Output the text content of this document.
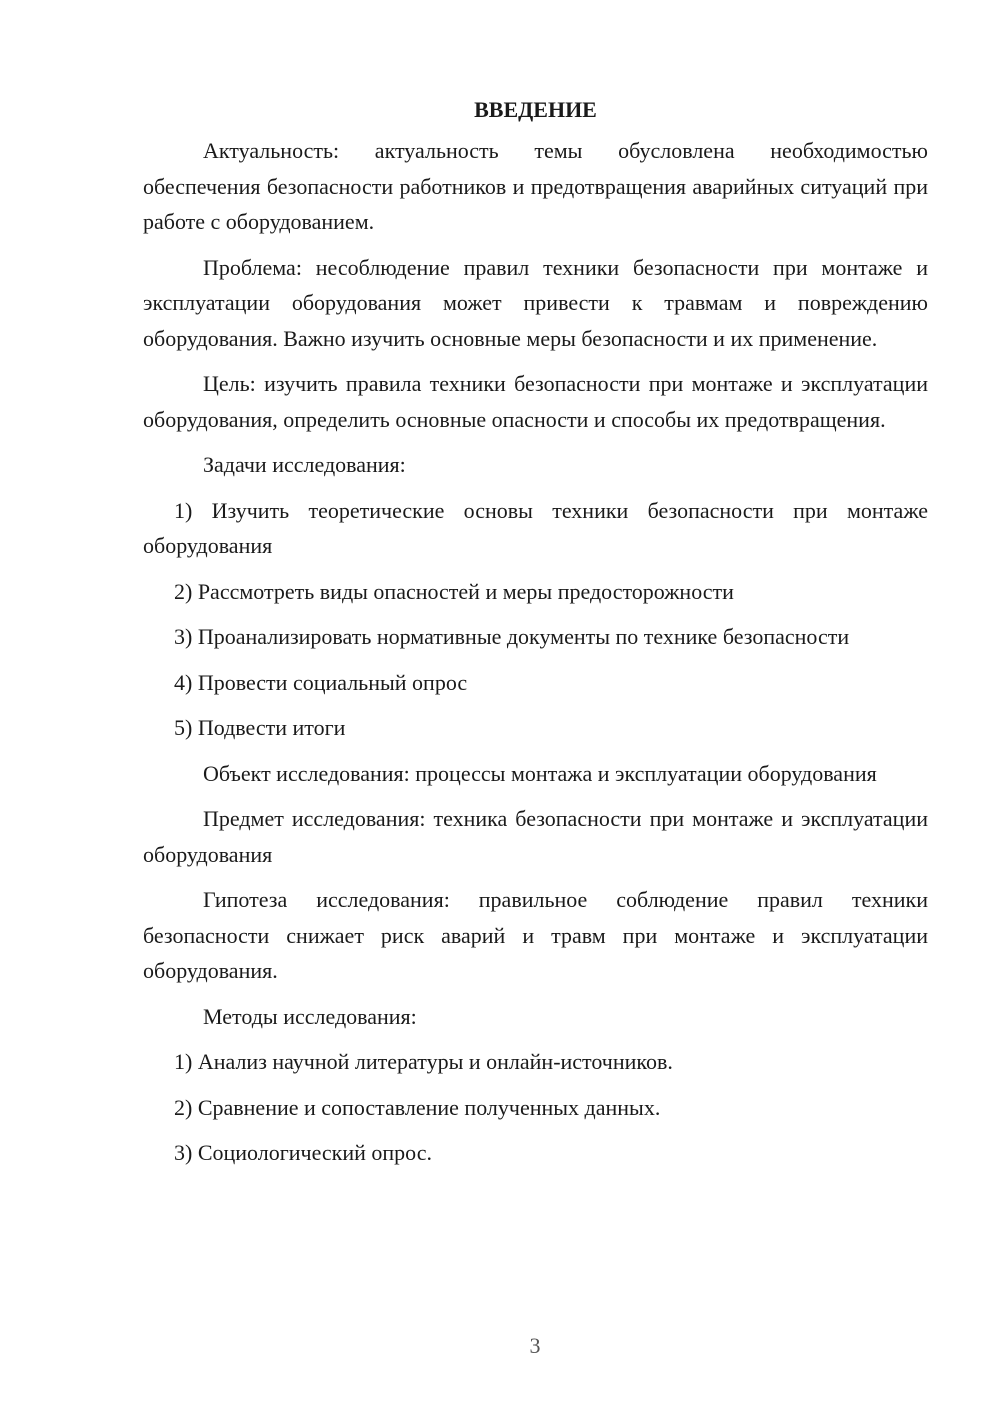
ВВЕДЕНИЕ

Актуальность: актуальность темы обусловлена необходимостью обеспечения безопасности работников и предотвращения аварийных ситуаций при работе с оборудованием.

Проблема: несоблюдение правил техники безопасности при монтаже и эксплуатации оборудования может привести к травмам и повреждению оборудования. Важно изучить основные меры безопасности и их применение.

Цель: изучить правила техники безопасности при монтаже и эксплуатации оборудования, определить основные опасности и способы их предотвращения.

Задачи исследования:

1) Изучить теоретические основы техники безопасности при монтаже оборудования

2) Рассмотреть виды опасностей и меры предосторожности

3) Проанализировать нормативные документы по технике безопасности

4) Провести социальный опрос

5) Подвести итоги

Объект исследования: процессы монтажа и эксплуатации оборудования

Предмет исследования: техника безопасности при монтаже и эксплуатации оборудования

Гипотеза исследования: правильное соблюдение правил техники безопасности снижает риск аварий и травм при монтаже и эксплуатации оборудования.

Методы исследования:

1) Анализ научной литературы и онлайн-источников.

2) Сравнение и сопоставление полученных данных.

3) Социологический опрос.

3
